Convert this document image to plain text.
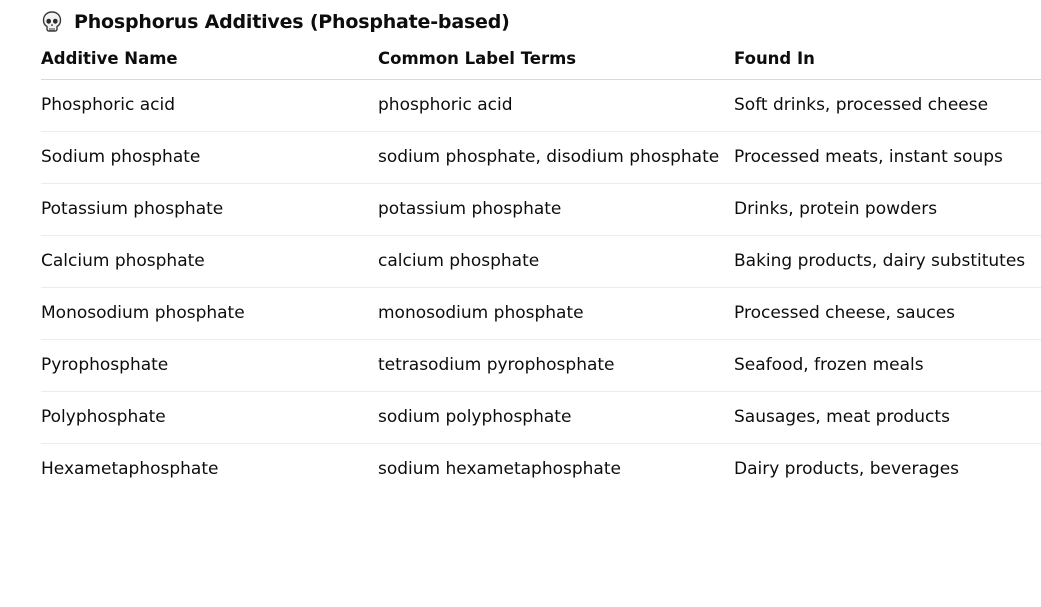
Phosphorus Additives (Phosphate-based)
Additive Name	Common Label Terms	Found In

Phosphoric acid	phosphoric acid	Soft drinks, processed cheese

Sodium phosphate	sodium phosphate, disodium phosphate	Processed meats, instant soups

Potassium phosphate	potassium phosphate	Drinks, protein powders

Calcium phosphate	calcium phosphate	Baking products, dairy substitutes

Monosodium phosphate	monosodium phosphate	Processed cheese, sauces

Pyrophosphate	tetrasodium pyrophosphate	Seafood, frozen meals

Polyphosphate	sodium polyphosphate	Sausages, meat products

Hexametaphosphate	sodium hexametaphosphate	Dairy products, beverages
